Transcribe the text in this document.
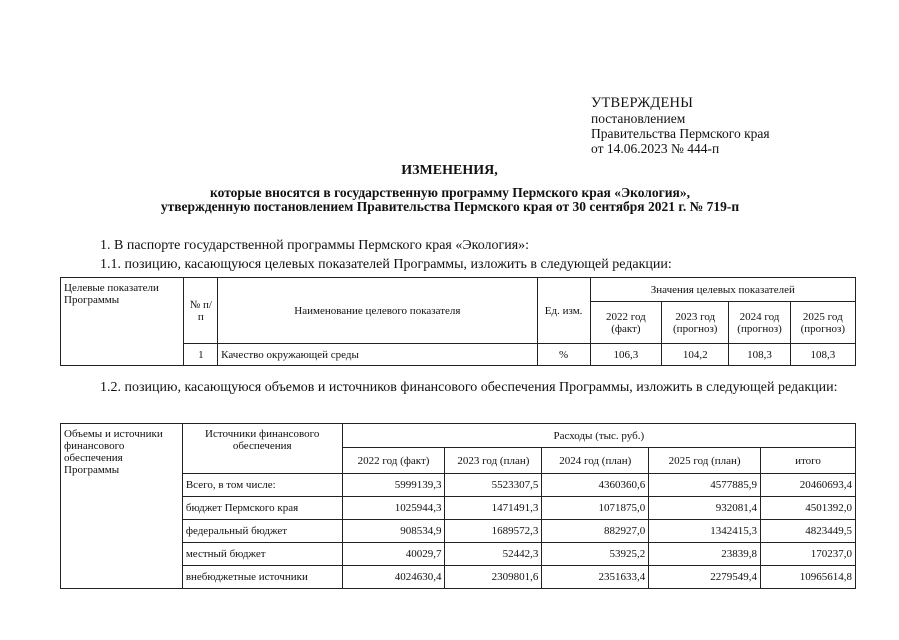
УТВЕРЖДЕНЫ
постановлением
Правительства Пермского края
от 14.06.2023 № 444-п
ИЗМЕНЕНИЯ,
которые вносятся в государственную программу Пермского края «Экология»,
утвержденную постановлением Правительства Пермского края от 30 сентября 2021 г. № 719-п
1. В паспорте государственной программы Пермского края «Экология»:
1.1. позицию, касающуюся целевых показателей Программы, изложить в следующей редакции:
Целевые показатели Программы	№ п/п	Наименование целевого показателя	Ед. изм.	Значения целевых показателей			
				2022 год (факт)	2023 год (прогноз)	2024 год (прогноз)	2025 год (прогноз)
	1	Качество окружающей среды	%	106,3	104,2	108,3	108,3
1.2. позицию, касающуюся объемов и источников финансового обеспечения Программы, изложить в следующей редакции:
Объемы и источники финансового обеспечения Программы	Источники финансового обеспечения	Расходы (тыс. руб.)				
		2022 год (факт)	2023 год (план)	2024 год (план)	2025 год (план)	итого
	Всего, в том числе:	5999139,3	5523307,5	4360360,6	4577885,9	20460693,4
	бюджет Пермского края	1025944,3	1471491,3	1071875,0	932081,4	4501392,0
	федеральный бюджет	908534,9	1689572,3	882927,0	1342415,3	4823449,5
	местный бюджет	40029,7	52442,3	53925,2	23839,8	170237,0
	внебюджетные источники	4024630,4	2309801,6	2351633,4	2279549,4	10965614,8
